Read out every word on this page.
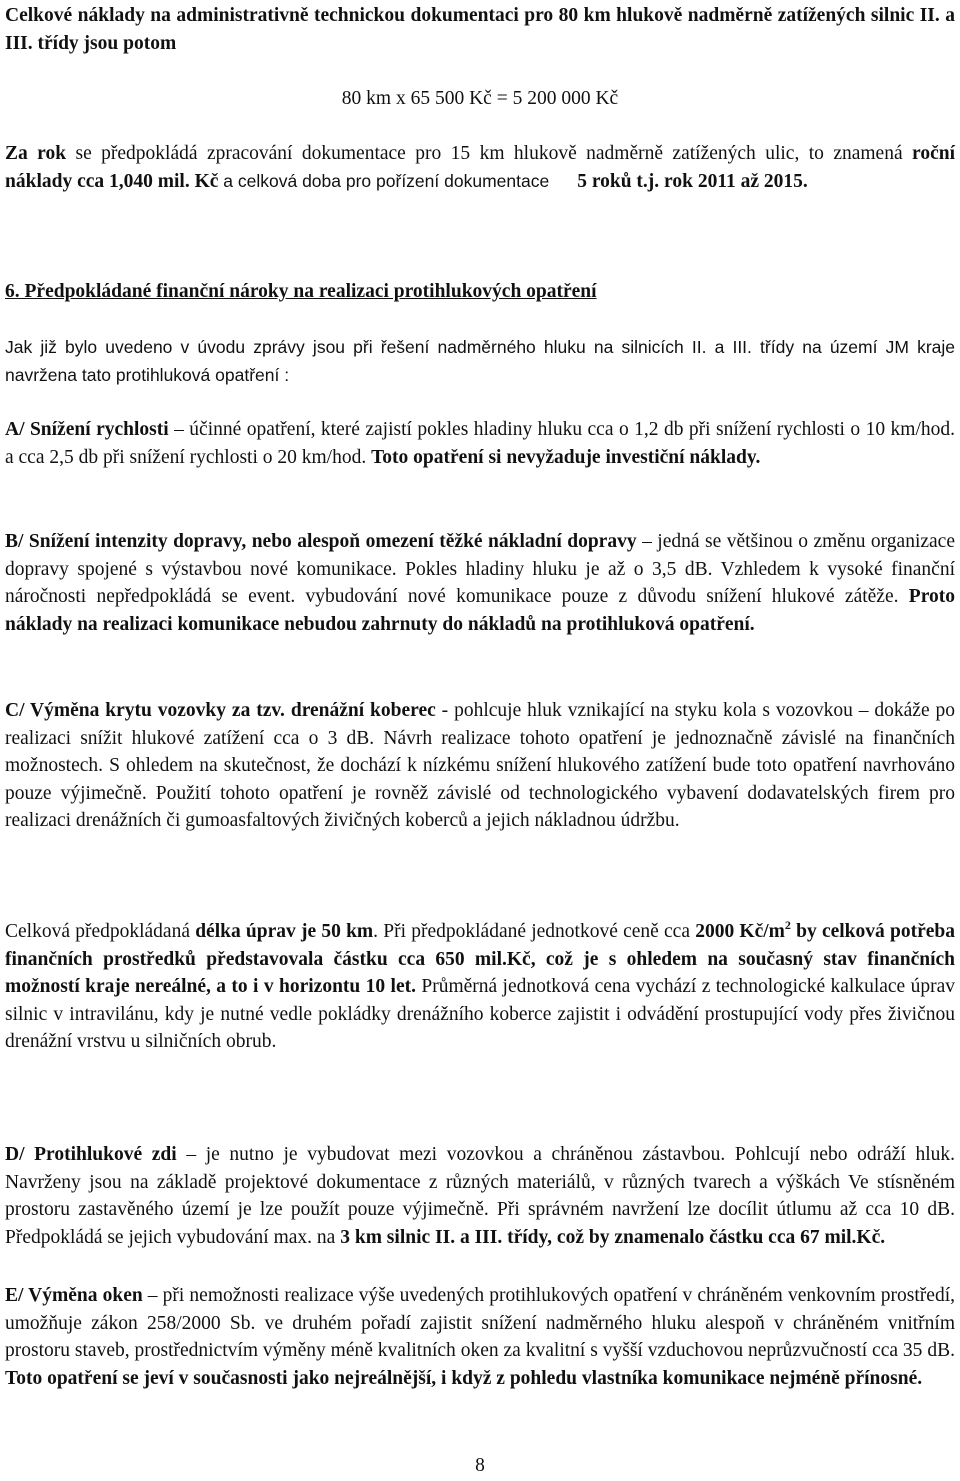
Celkové náklady na administrativně technickou dokumentaci pro 80 km hlukově nadměrně zatížených silnic II. a III. třídy jsou potom

80 km x 65 500 Kč = 5 200 000 Kč

Za rok se předpokládá zpracování dokumentace pro 15 km hlukově nadměrně zatížených ulic, to znamená roční náklady cca 1,040 mil. Kč a celková doba pro pořízení dokumentace 5 roků t.j. rok 2011 až 2015.

6. Předpokládané finanční nároky na realizaci protihlukových opatření

Jak již bylo uvedeno v úvodu zprávy jsou při řešení nadměrného hluku na silnicích II. a III. třídy na území JM kraje navržena tato protihluková opatření :

A/ Snížení rychlosti – účinné opatření, které zajistí pokles hladiny hluku cca o 1,2 db při snížení rychlosti o 10 km/hod. a cca 2,5 db při snížení rychlosti o 20 km/hod. Toto opatření si nevyžaduje investiční náklady.

B/ Snížení intenzity dopravy, nebo alespoň omezení těžké nákladní dopravy – jedná se většinou o změnu organizace dopravy spojené s výstavbou nové komunikace. Pokles hladiny hluku je až o 3,5 dB. Vzhledem k vysoké finanční náročnosti nepředpokládá se event. vybudování nové komunikace pouze z důvodu snížení hlukové zátěže. Proto náklady na realizaci komunikace nebudou zahrnuty do nákladů na protihluková opatření.

C/ Výměna krytu vozovky za tzv. drenážní koberec - pohlcuje hluk vznikající na styku kola s vozovkou – dokáže po realizaci snížit hlukové zatížení cca o 3 dB. Návrh realizace tohoto opatření je jednoznačně závislé na finančních možnostech. S ohledem na skutečnost, že dochází k nízkému snížení hlukového zatížení bude toto opatření navrhováno pouze výjimečně. Použití tohoto opatření je rovněž závislé od technologického vybavení dodavatelských firem pro realizaci drenážních či gumoasfaltových živičných koberců a jejich nákladnou údržbu.

Celková předpokládaná délka úprav je 50 km. Při předpokládané jednotkové ceně cca 2000 $Kč/m^2$ by celková potřeba finančních prostředků představovala částku cca 650 mil.Kč, což je s ohledem na současný stav finančních možností kraje nereálné, a to i v horizontu 10 let. Průměrná jednotková cena vychází z technologické kalkulace úprav silnic v intravilánu, kdy je nutné vedle pokládky drenážního koberce zajistit i odvádění prostupující vody přes živičnou drenážní vrstvu u silničních obrub.

D/ Protihlukové zdi – je nutno je vybudovat mezi vozovkou a chráněnou zástavbou. Pohlcují nebo odráží hluk. Navrženy jsou na základě projektové dokumentace z různých materiálů, v různých tvarech a výškách Ve stísněném prostoru zastavěného území je lze použít pouze výjimečně. Při správném navržení lze docílit útlumu až cca 10 dB. Předpokládá se jejich vybudování max. na 3 km silnic II. a III. třídy, což by znamenalo částku cca 67 mil.Kč.

E/ Výměna oken – při nemožnosti realizace výše uvedených protihlukových opatření v chráněném venkovním prostředí, umožňuje zákon 258/2000 Sb. ve druhém pořadí zajistit snížení nadměrného hluku alespoň v chráněném vnitřním prostoru staveb, prostřednictvím výměny méně kvalitních oken za kvalitní s vyšší vzduchovou neprůzvučností cca 35 dB. Toto opatření se jeví v současnosti jako nejreálnější, i když z pohledu vlastníka komunikace nejméně přínosné.

8
